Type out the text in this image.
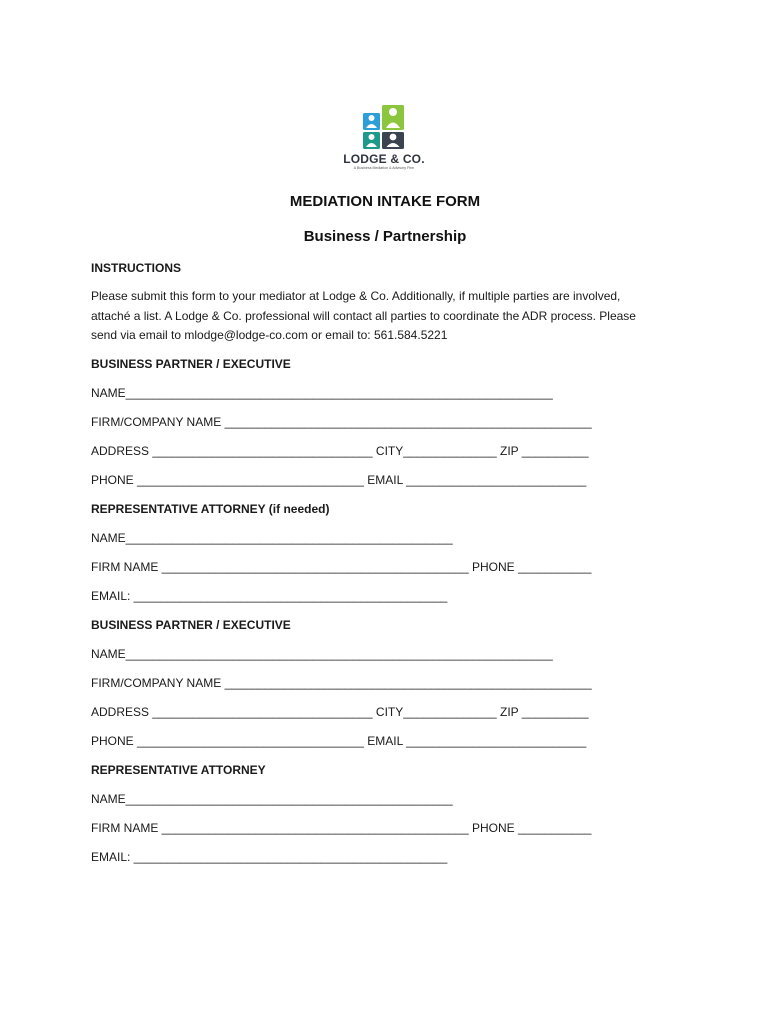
LODGE & CO.
A Business Mediation & Advisory Firm
MEDIATION INTAKE FORM
Business / Partnership
INSTRUCTIONS
Please submit this form to your mediator at Lodge & Co. Additionally, if multiple parties are involved,
attaché a list. A Lodge & Co. professional will contact all parties to coordinate the ADR process. Please
send via email to mlodge@lodge-co.com or email to: 561.584.5221
BUSINESS PARTNER / EXECUTIVE
NAME________________________________________________________________
FIRM/COMPANY NAME _______________________________________________________
ADDRESS _________________________________ CITY______________ ZIP __________
PHONE __________________________________ EMAIL ___________________________
REPRESENTATIVE ATTORNEY (if needed)
NAME_________________________________________________
FIRM NAME ______________________________________________ PHONE ___________
EMAIL: _______________________________________________
BUSINESS PARTNER / EXECUTIVE
NAME________________________________________________________________
FIRM/COMPANY NAME _______________________________________________________
ADDRESS _________________________________ CITY______________ ZIP __________
PHONE __________________________________ EMAIL ___________________________
REPRESENTATIVE ATTORNEY
NAME_________________________________________________
FIRM NAME ______________________________________________ PHONE ___________
EMAIL: _______________________________________________
